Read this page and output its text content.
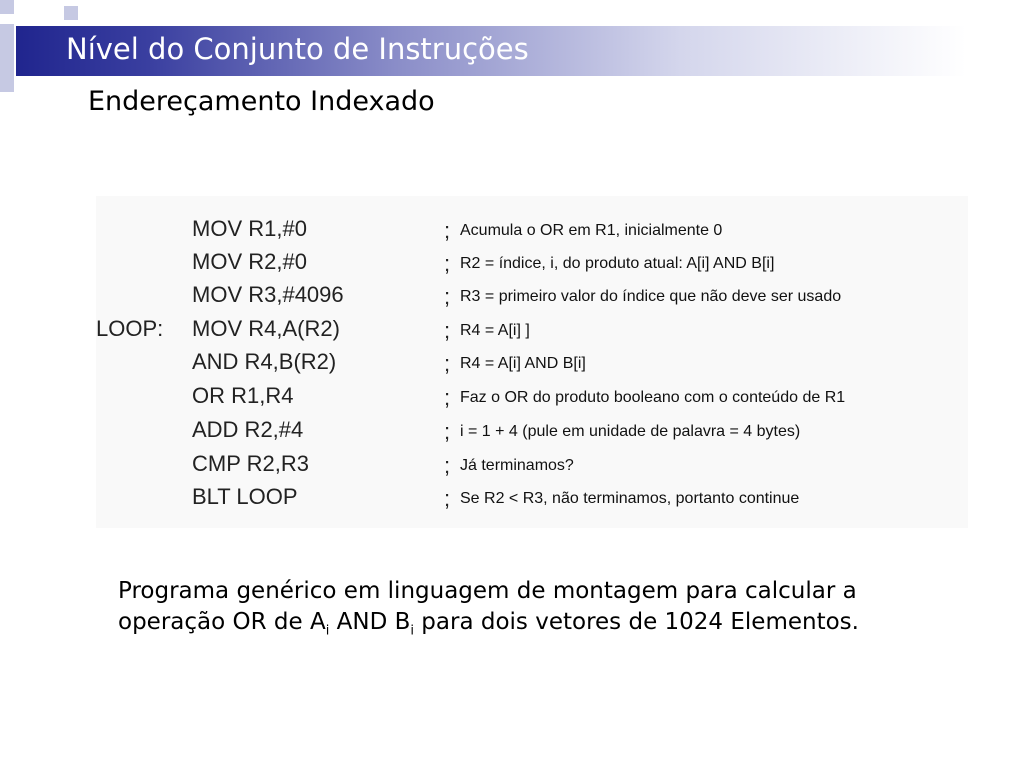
Nível do Conjunto de Instruções
Endereçamento Indexado
MOV R1,#0	; Acumula o OR em R1, inicialmente 0
MOV R2,#0	; R2 = índice, i, do produto atual: A[i] AND B[i]
MOV R3,#4096	; R3 = primeiro valor do índice que não deve ser usado
LOOP: MOV R4,A(R2)	; R4 = A[i] ]
AND R4,B(R2)	; R4 = A[i] AND B[i]
OR R1,R4	; Faz o OR do produto booleano com o conteúdo de R1
ADD R2,#4	; i = 1 + 4 (pule em unidade de palavra = 4 bytes)
CMP R2,R3	; Já terminamos?
BLT LOOP	; Se R2 < R3, não terminamos, portanto continue
Programa genérico em linguagem de montagem para calcular a operação OR de $A_i$ AND $B_i$ para dois vetores de 1024 Elementos.
